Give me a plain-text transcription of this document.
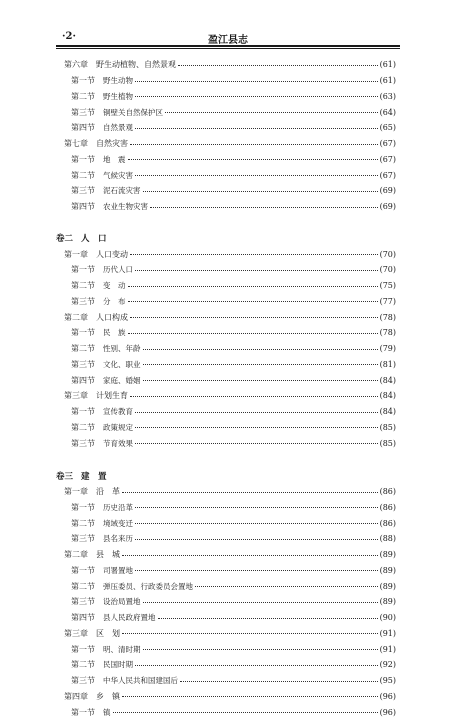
·2·	盈江县志
第六章 野生动植物、自然景观	(61)
第一节 野生动物	(61)
第二节 野生植物	(63)
第三节 铜壁关自然保护区	(64)
第四节 自然景观	(65)
第七章 自然灾害	(67)
第一节 地　震	(67)
第二节 气候灾害	(67)
第三节 泥石流灾害	(69)
第四节 农业生物灾害	(69)
卷二 人　口
第一章 人口变动	(70)
第一节 历代人口	(70)
第二节 变　动	(75)
第三节 分　布	(77)
第二章 人口构成	(78)
第一节 民　族	(78)
第二节 性别、年龄	(79)
第三节 文化、职业	(81)
第四节 家庭、婚姻	(84)
第三章 计划生育	(84)
第一节 宣传教育	(84)
第二节 政策规定	(85)
第三节 节育效果	(85)
卷三 建　置
第一章 沿　革	(86)
第一节 历史沿革	(86)
第二节 境域变迁	(86)
第三节 县名来历	(88)
第二章 县　城	(89)
第一节 司署置地	(89)
第二节 弹压委员、行政委员会置地	(89)
第三节 设治局置地	(89)
第四节 县人民政府置地	(90)
第三章 区　划	(91)
第一节 明、清时期	(91)
第二节 民国时期	(92)
第三节 中华人民共和国建国后	(95)
第四章 乡　镇	(96)
第一节 镇	(96)
